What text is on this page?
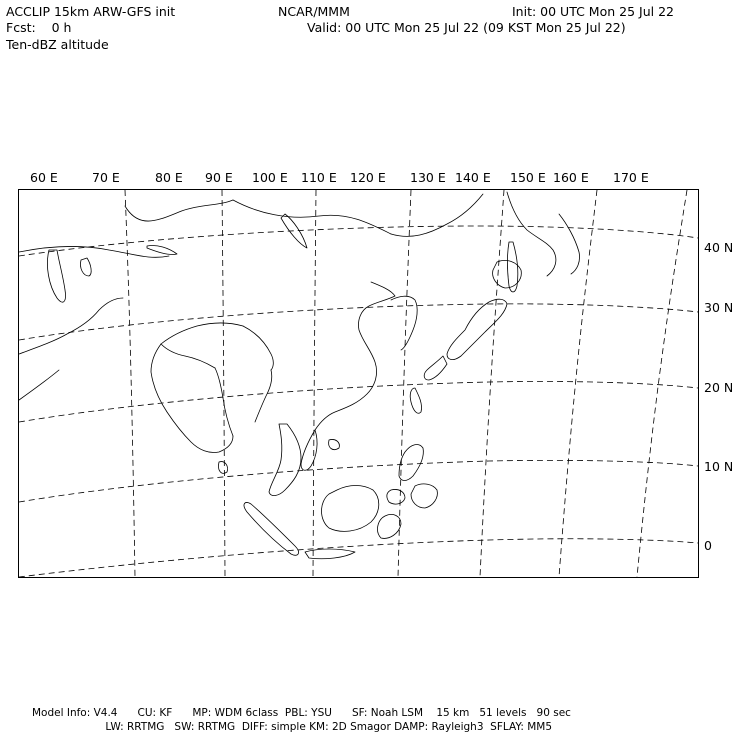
ACCLIP 15km ARW-GFS init
Fcst:    0 h
Ten-dBZ altitude
NCAR/MMM	Init: 00 UTC Mon 25 Jul 22
Valid: 00 UTC Mon 25 Jul 22 (09 KST Mon 25 Jul 22)
60 E	70 E	80 E 90 E 100 E 110 E 120 E 130 E 140 E 150 E 160 E 170 E
40 N
30 N
20 N
10 N
0
Model Info: V4.4      CU: KF      MP: WDM 6class  PBL: YSU      SF: Noah LSM    15 km   51 levels   90 sec
LW: RRTMG   SW: RRTMG  DIFF: simple KM: 2D Smagor DAMP: Rayleigh3  SFLAY: MM5
